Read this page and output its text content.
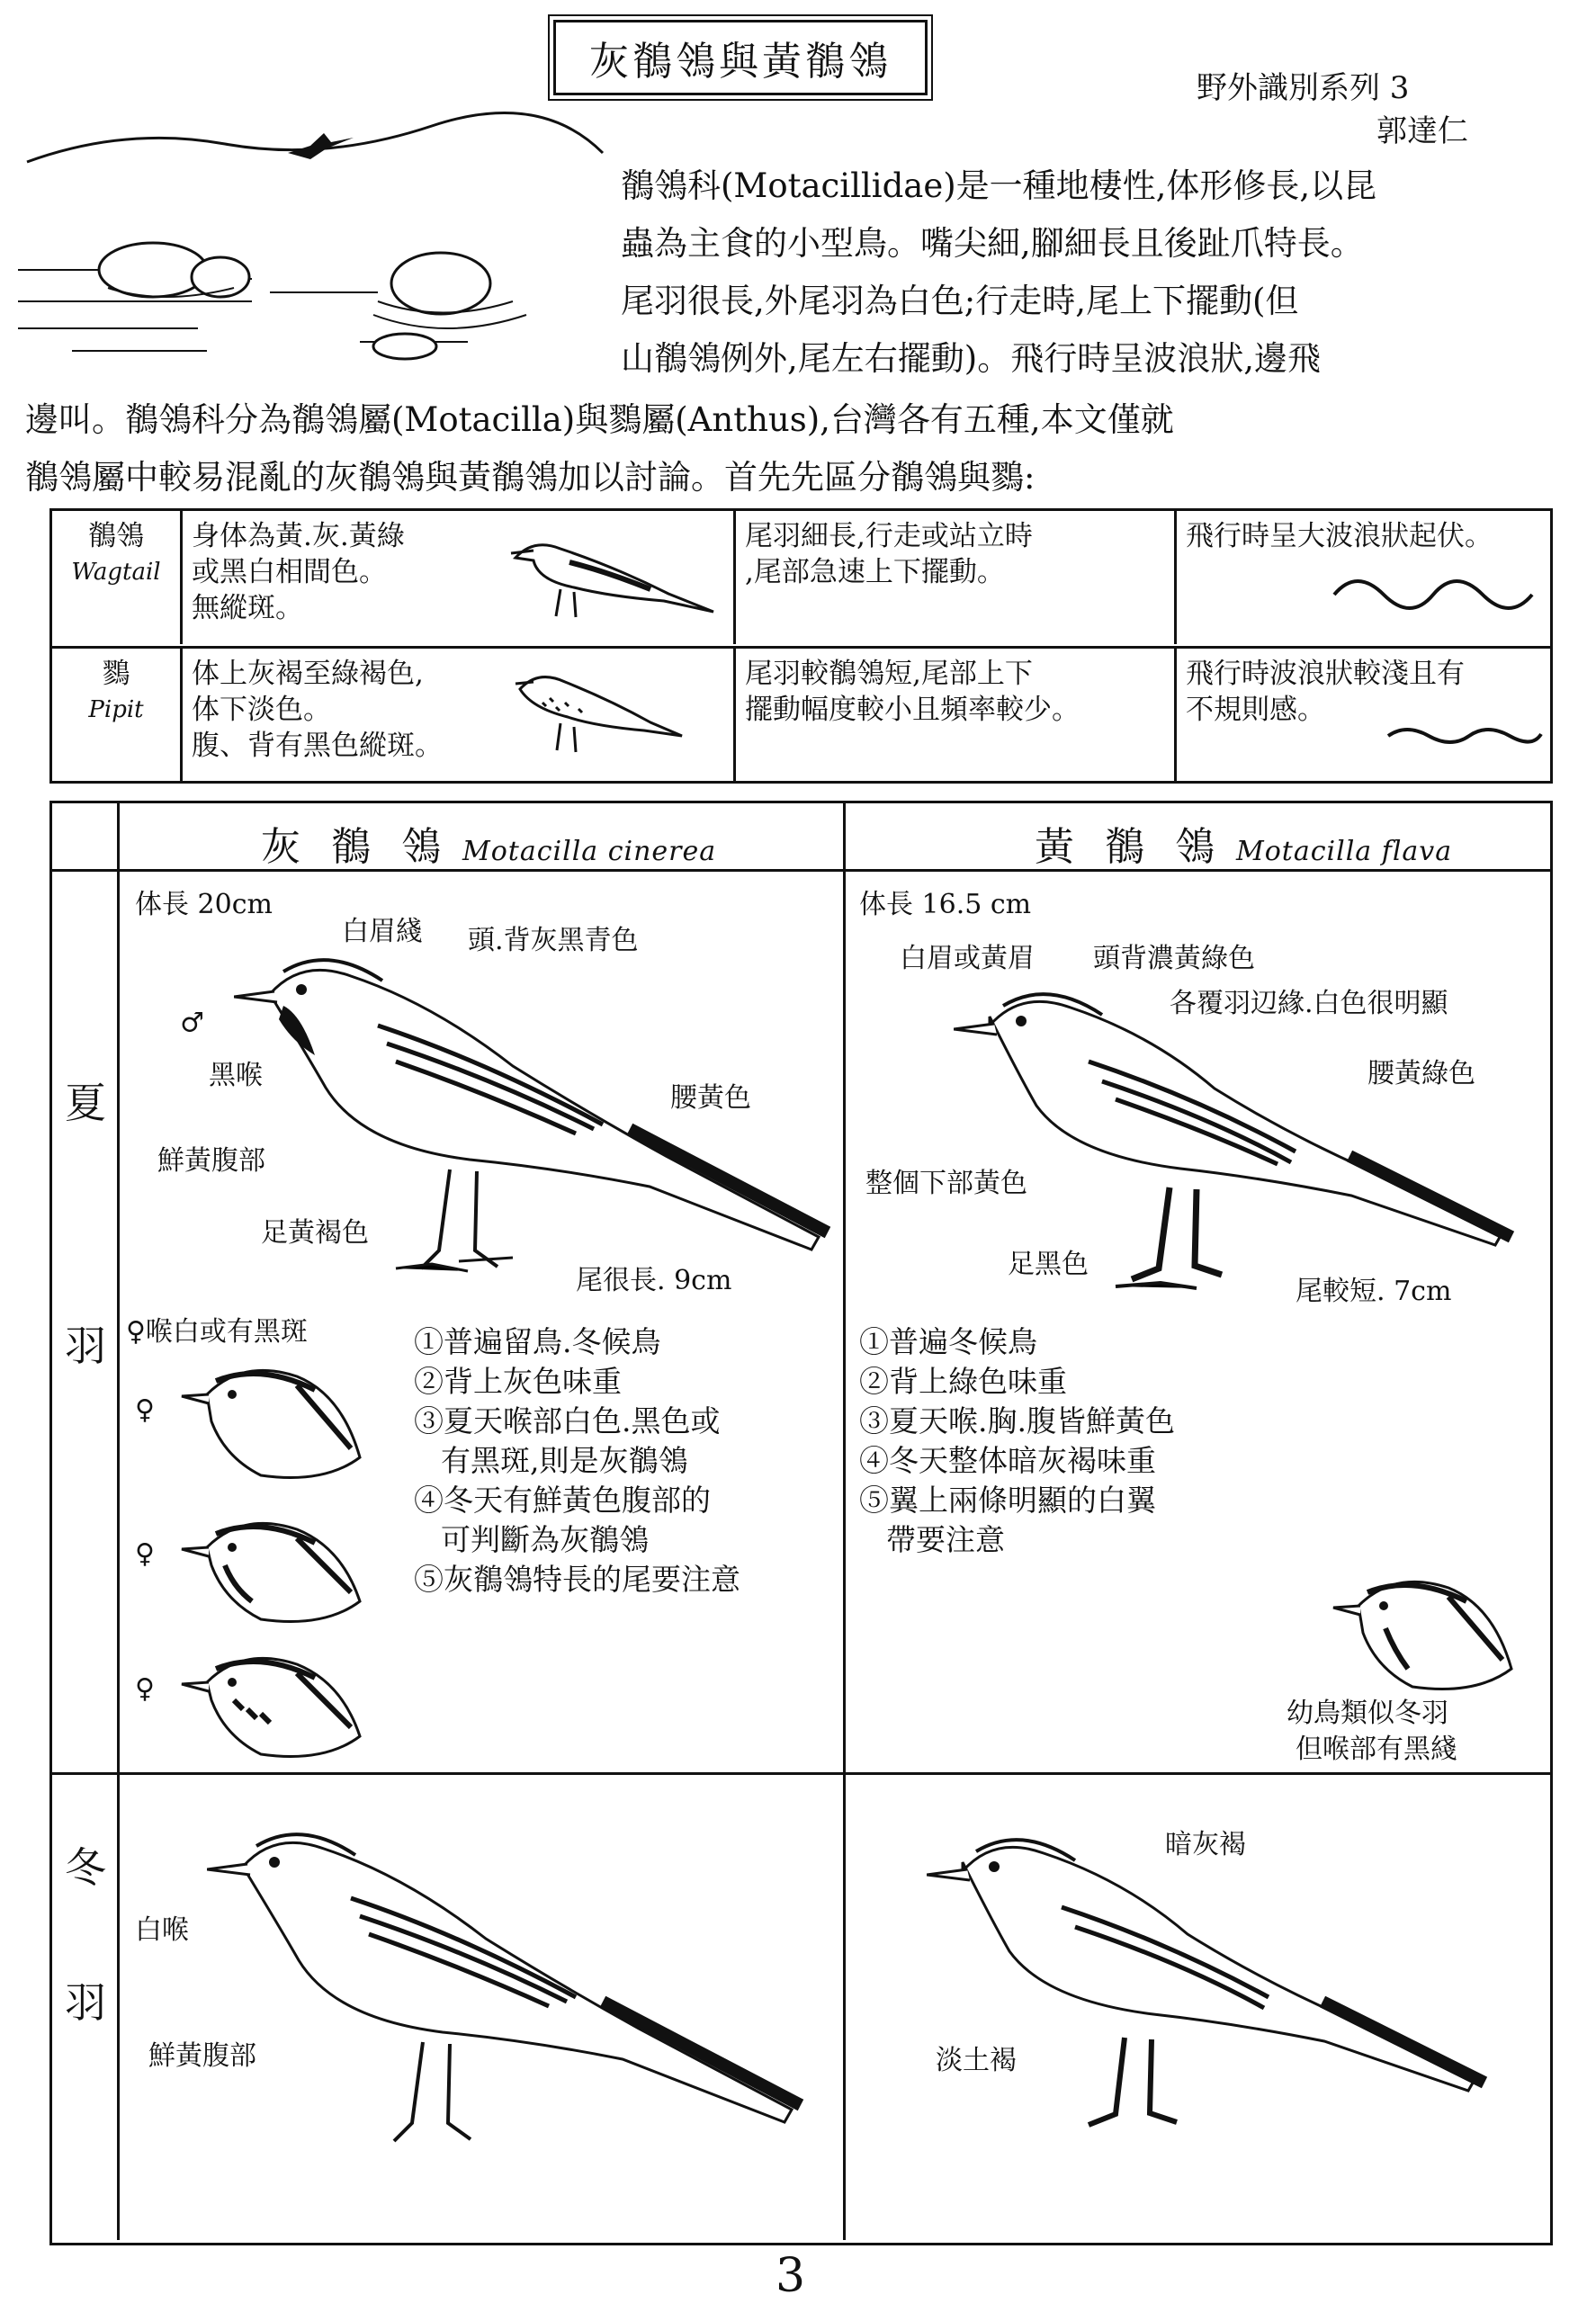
灰鶺鴒與黃鶺鴒
野外識別系列 3
郭達仁

鶺鴒科(Motacillidae)是一種地棲性,体形修長,以昆

蟲為主食的小型鳥。嘴尖細,腳細長且後趾爪特長。

尾羽很長,外尾羽為白色;行走時,尾上下擺動(但

山鶺鴒例外,尾左右擺動)。飛行時呈波浪狀,邊飛

邊叫。鶺鴒科分為鶺鴒屬(Motacilla)與鷚屬(Anthus),台灣各有五種,本文僅就

鶺鴒屬中較易混亂的灰鶺鴒與黃鶺鴒加以討論。首先先區分鶺鴒與鷚:

鶺鴒
Wagtail
身体為黃.灰.黃綠
或黑白相間色。
無縱斑。
尾羽細長,行走或站立時
,尾部急速上下擺動。
飛行時呈大波浪狀起伏。
鷚
Pipit
体上灰褐至綠褐色,
体下淡色。
腹、背有黑色縱斑。
尾羽較鶺鴒短,尾部上下
擺動幅度較小且頻率較少。
飛行時波浪狀較淺且有
不規則感。
灰 鶺 鴒 Motacilla cinerea	黃 鶺 鴒 Motacilla flava
夏
羽
冬
羽
体長 20cm
白眉綫 頭.背灰黑青色
♂
黑喉
腰黃色
鮮黃腹部
足黃褐色
尾很長. 9cm
♀喉白或有黑斑
♀
♀
♀
①普遍留鳥.冬候鳥
②背上灰色味重
③夏天喉部白色.黑色或
有黑斑,則是灰鶺鴒
④冬天有鮮黃色腹部的
可判斷為灰鶺鴒
⑤灰鶺鴒特長的尾要注意
体長 16.5 cm
白眉或黃眉 頭背濃黃綠色
各覆羽辺緣.白色很明顯
腰黃綠色
整個下部黃色
足黑色
尾較短. 7cm
①普遍冬候鳥
②背上綠色味重
③夏天喉.胸.腹皆鮮黃色
④冬天整体暗灰褐味重
⑤翼上兩條明顯的白翼
帶要注意
幼鳥類似冬羽
但喉部有黑綫
白喉
鮮黃腹部
暗灰褐
淡土褐
3
